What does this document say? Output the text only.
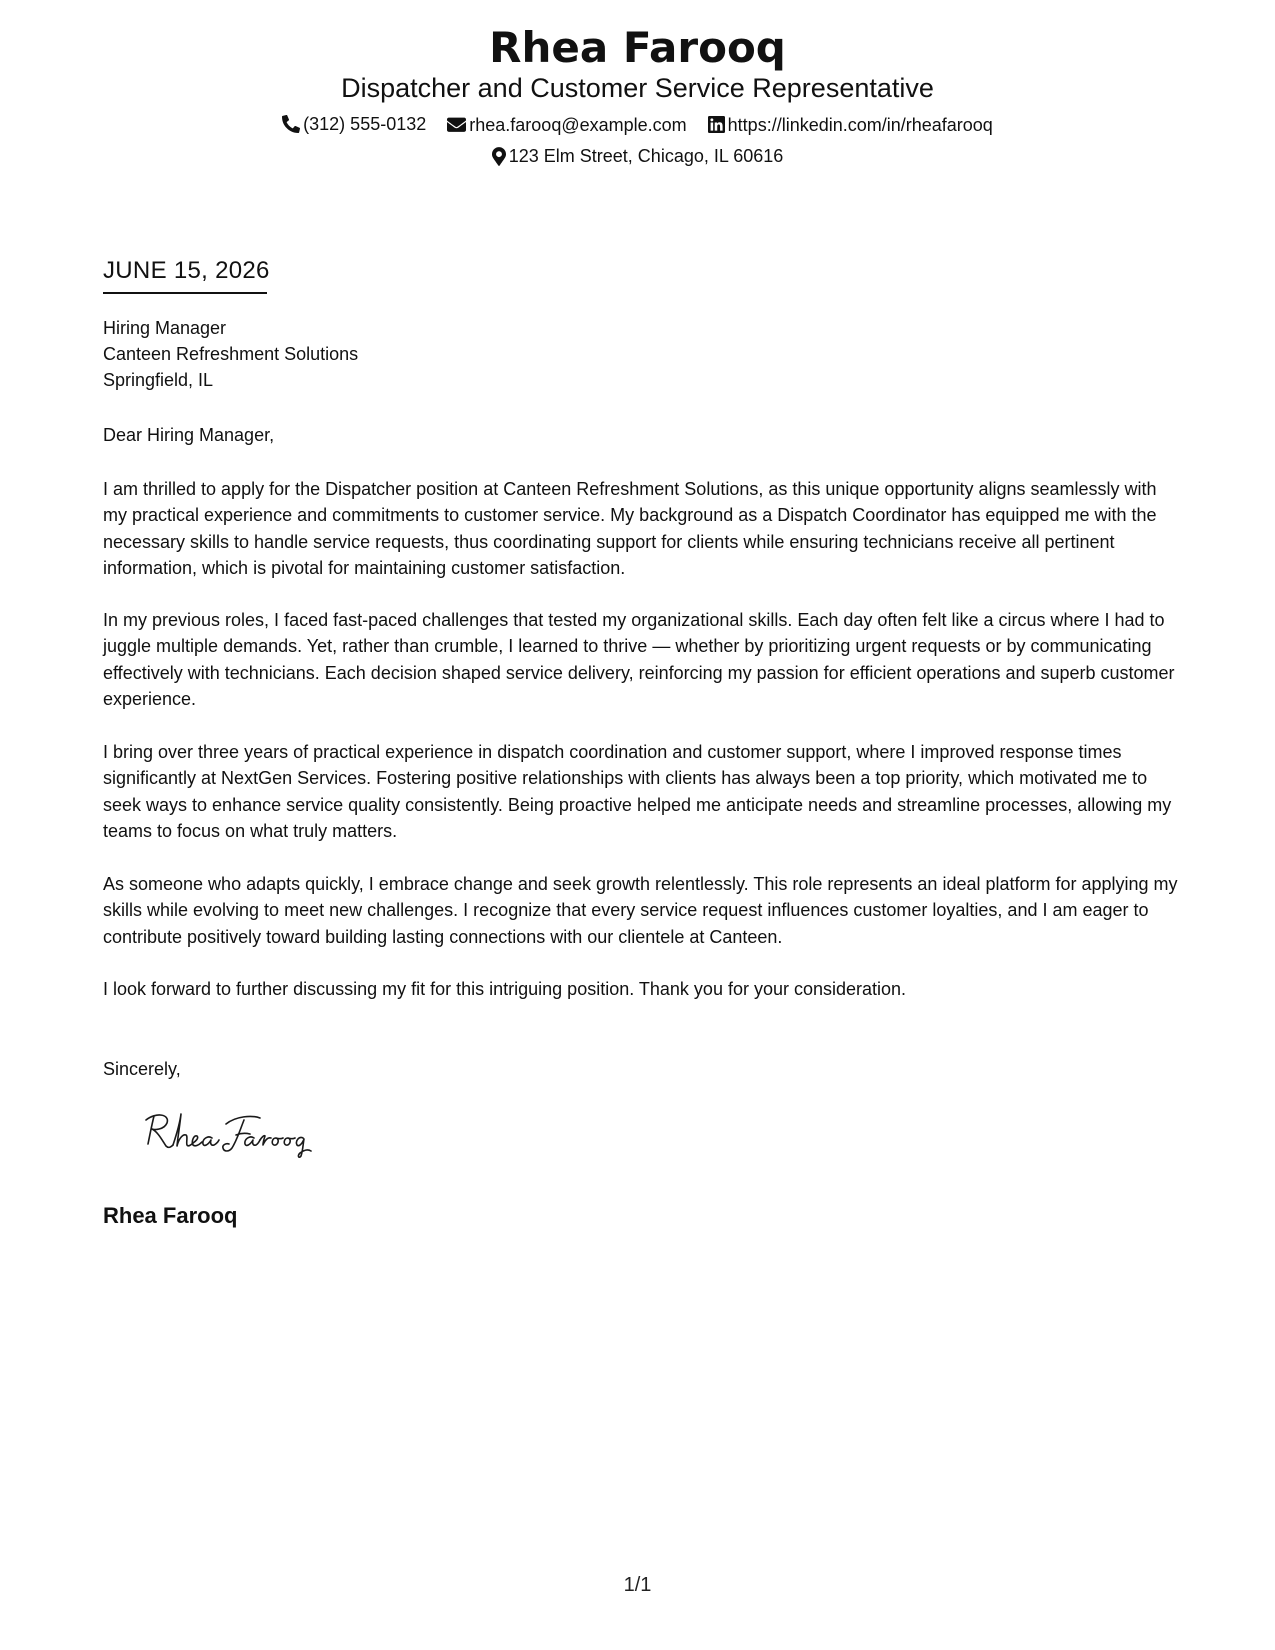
Rhea Farooq
Dispatcher and Customer Service Representative
(312) 555-0132
rhea.farooq@example.com
https://linkedin.com/in/rheafarooq
123 Elm Street, Chicago, IL 60616
JUNE 15, 2026
Hiring Manager
Canteen Refreshment Solutions
Springfield, IL
Dear Hiring Manager,
I am thrilled to apply for the Dispatcher position at Canteen Refreshment Solutions, as this unique opportunity aligns seamlessly with my practical experience and commitments to customer service. My background as a Dispatch Coordinator has equipped me with the necessary skills to handle service requests, thus coordinating support for clients while ensuring technicians receive all pertinent information, which is pivotal for maintaining customer satisfaction.
In my previous roles, I faced fast-paced challenges that tested my organizational skills. Each day often felt like a circus where I had to juggle multiple demands. Yet, rather than crumble, I learned to thrive — whether by prioritizing urgent requests or by communicating effectively with technicians. Each decision shaped service delivery, reinforcing my passion for efficient operations and superb customer experience.
I bring over three years of practical experience in dispatch coordination and customer support, where I improved response times significantly at NextGen Services. Fostering positive relationships with clients has always been a top priority, which motivated me to seek ways to enhance service quality consistently. Being proactive helped me anticipate needs and streamline processes, allowing my teams to focus on what truly matters.
As someone who adapts quickly, I embrace change and seek growth relentlessly. This role represents an ideal platform for applying my skills while evolving to meet new challenges. I recognize that every service request influences customer loyalties, and I am eager to contribute positively toward building lasting connections with our clientele at Canteen.
I look forward to further discussing my fit for this intriguing position. Thank you for your consideration.
Sincerely,
Rhea Farooq
1/1
